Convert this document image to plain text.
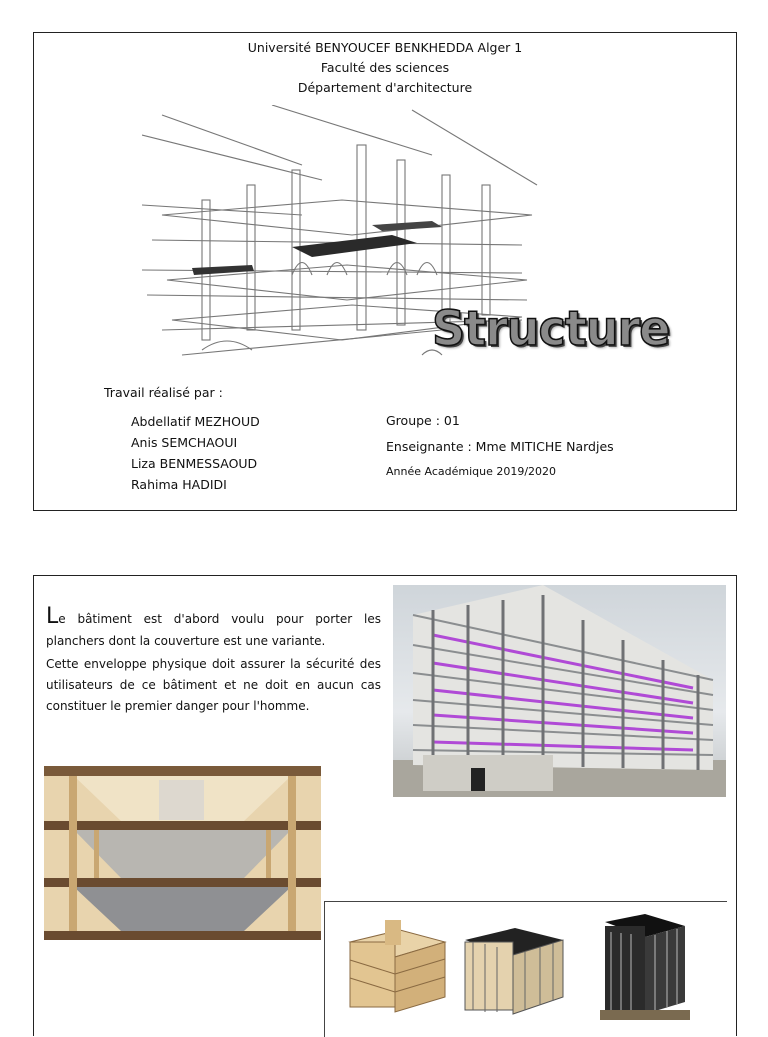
Université BENYOUCEF BENKHEDDA Alger 1
Faculté des sciences
Département d'architecture
Structure
Travail réalisé par :
Abdellatif MEZHOUD
Anis SEMCHAOUI
Liza BENMESSAOUD
Rahima HADIDI
Groupe : 01
Enseignante : Mme MITICHE Nardjes
Année Académique 2019/2020

Le bâtiment est d'abord voulu pour porter les planchers dont la couverture est une variante.

Cette enveloppe physique doit assurer la sécurité des utilisateurs de ce bâtiment et ne doit en aucun cas constituer le premier danger pour l'homme.
